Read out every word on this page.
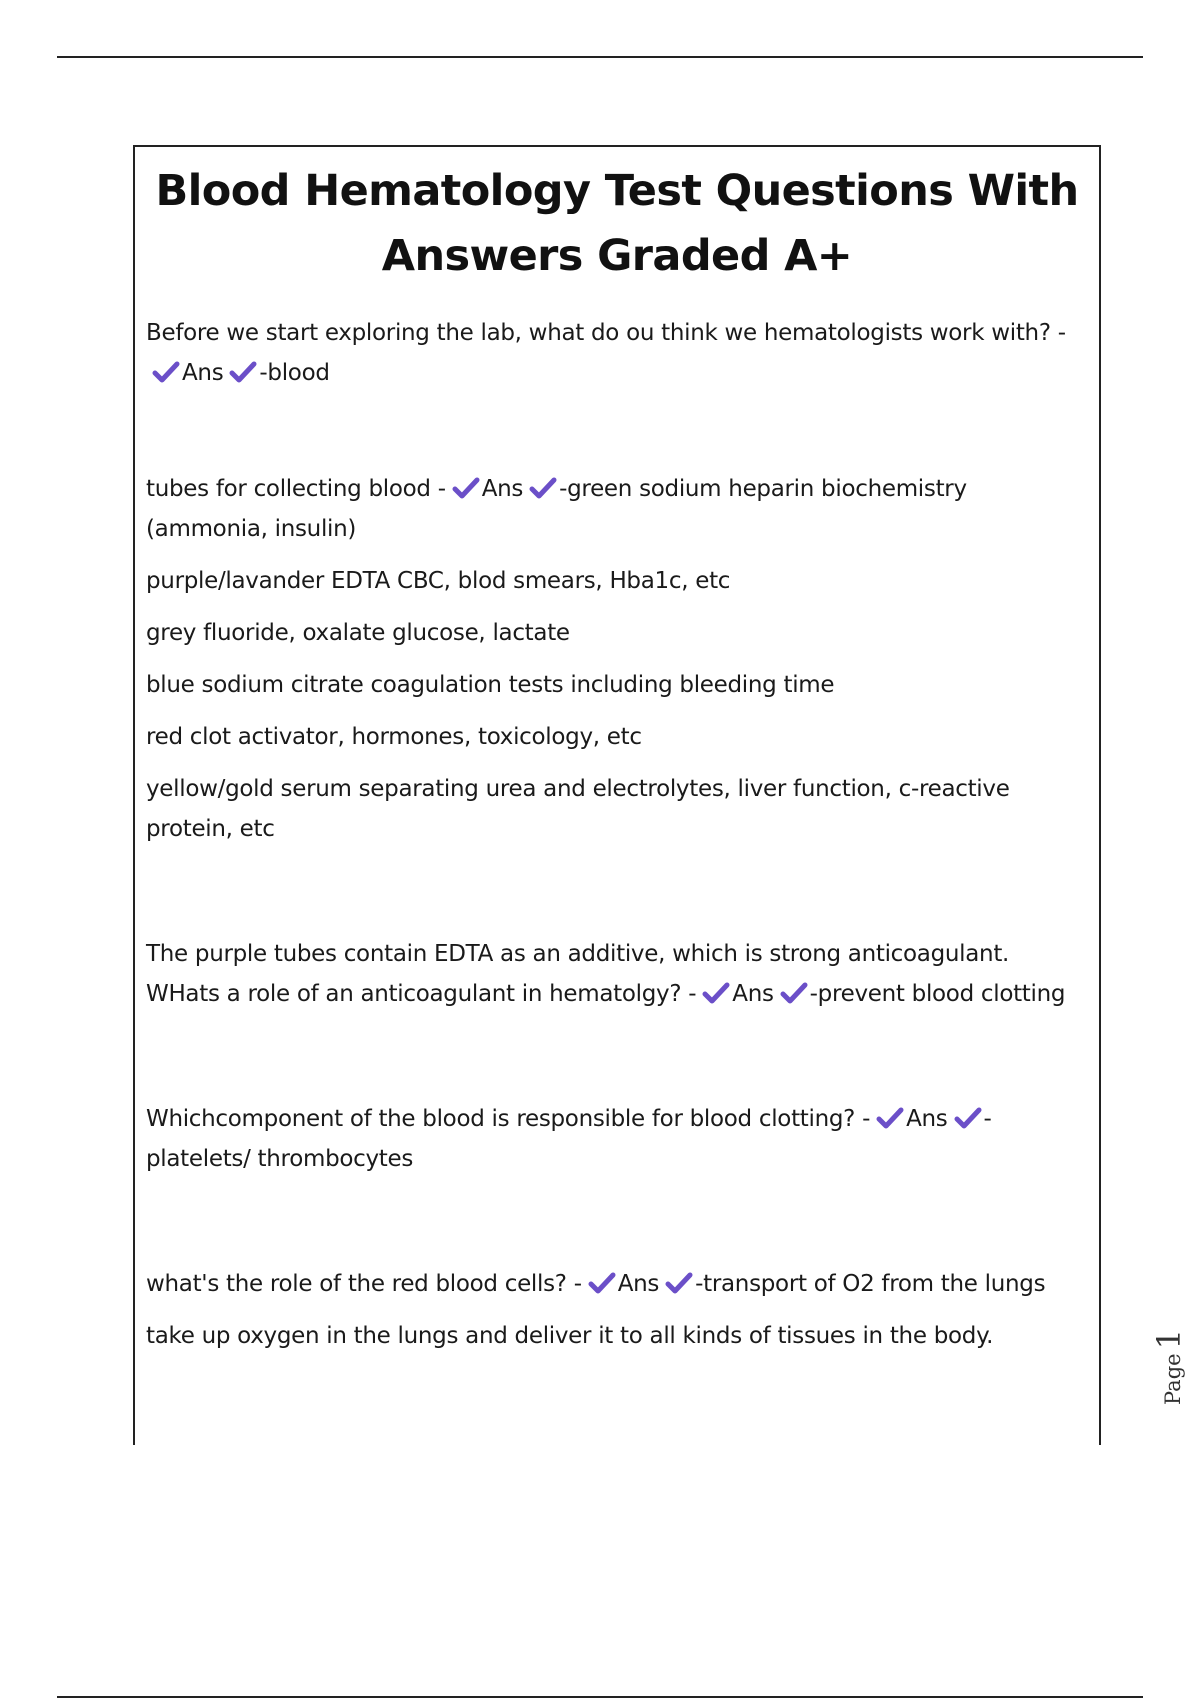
Blood Hematology Test Questions With Answers Graded A+

Before we start exploring the lab, what do ou think we hematologists work with? -
Ans -blood

tubes for collecting blood - Ans -green sodium heparin biochemistry (ammonia, insulin)

purple/lavander EDTA CBC, blod smears, Hba1c, etc

grey fluoride, oxalate glucose, lactate

blue sodium citrate coagulation tests including bleeding time

red clot activator, hormones, toxicology, etc

yellow/gold serum separating urea and electrolytes, liver function, c-reactive protein, etc

The purple tubes contain EDTA as an additive, which is strong anticoagulant. WHats a role of an anticoagulant in hematolgy? - Ans -prevent blood clotting

Whichcomponent of the blood is responsible for blood clotting? - Ans -platelets/ thrombocytes

what's the role of the red blood cells? - Ans -transport of O2 from the lungs

take up oxygen in the lungs and deliver it to all kinds of tissues in the body.

Page1
